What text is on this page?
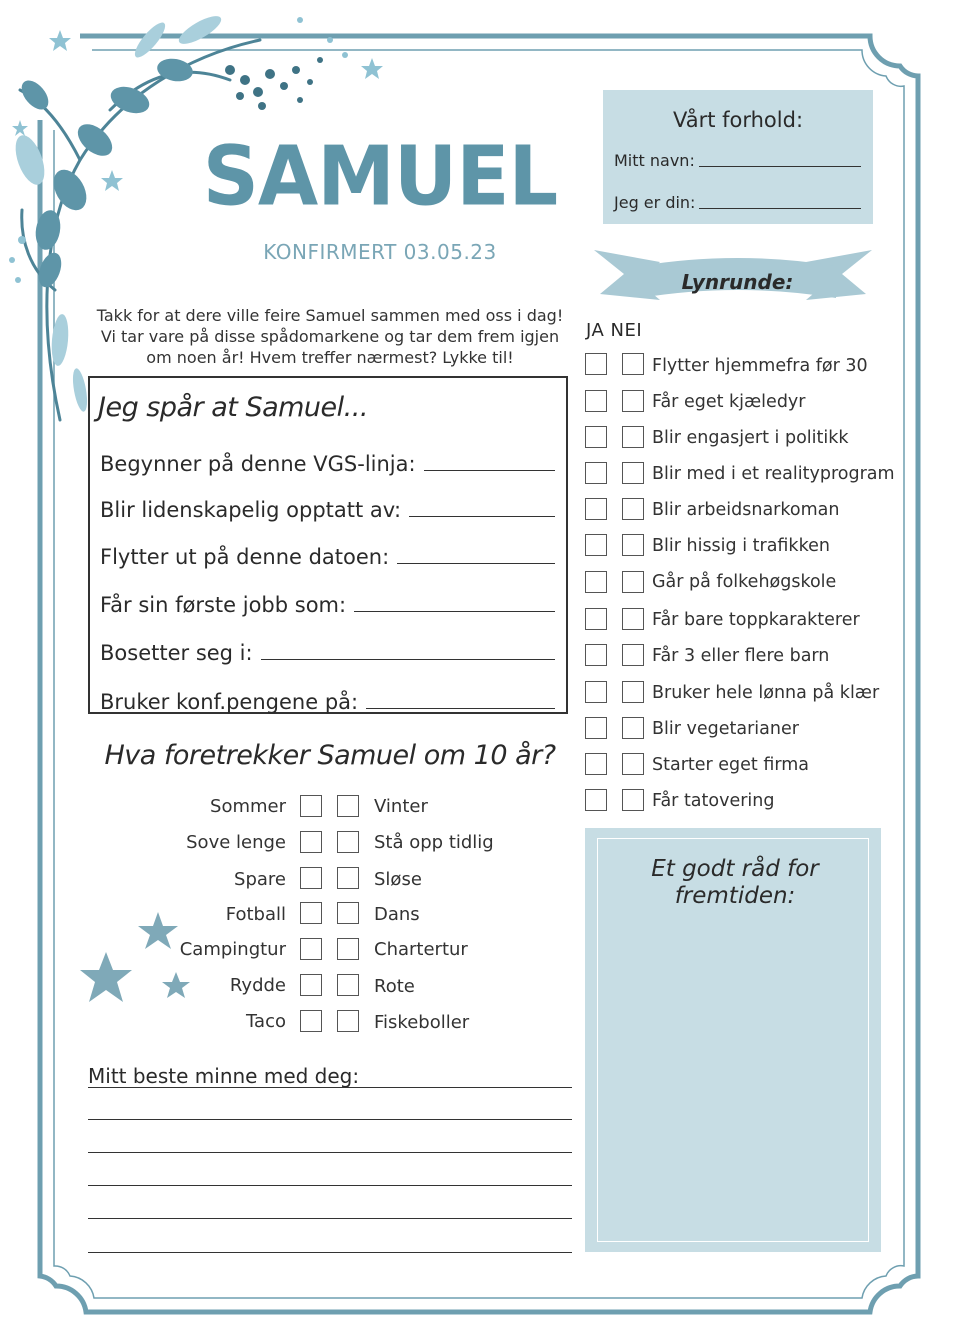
SAMUEL
KONFIRMERT 03.05.23
Takk for at dere ville feire Samuel sammen med oss i dag!
Vi tar vare på disse spådomarkene og tar dem frem igjen
om noen år! Hvem treffer nærmest? Lykke til!
Jeg spår at Samuel...
Begynner på denne VGS-linja:
Blir lidenskapelig opptatt av:
Flytter ut på denne datoen:
Får sin første jobb som:
Bosetter seg i:
Bruker konf.pengene på:
Hva foretrekker Samuel om 10 år?
Sommer	Vinter
Sove lenge	Stå opp tidlig
Spare	Sløse
Fotball	Dans
Campingtur	Chartertur
Rydde	Rote
Taco	Fiskeboller
Mitt beste minne med deg:
Vårt forhold:
Mitt navn:
Jeg er din:
Lynrunde:
JA NEI
Flytter hjemmefra før 30
Får eget kjæledyr
Blir engasjert i politikk
Blir med i et realityprogram
Blir arbeidsnarkoman
Blir hissig i trafikken
Går på folkehøgskole
Får bare toppkarakterer
Får 3 eller flere barn
Bruker hele lønna på klær
Blir vegetarianer
Starter eget firma
Får tatovering
Et godt råd for fremtiden:
